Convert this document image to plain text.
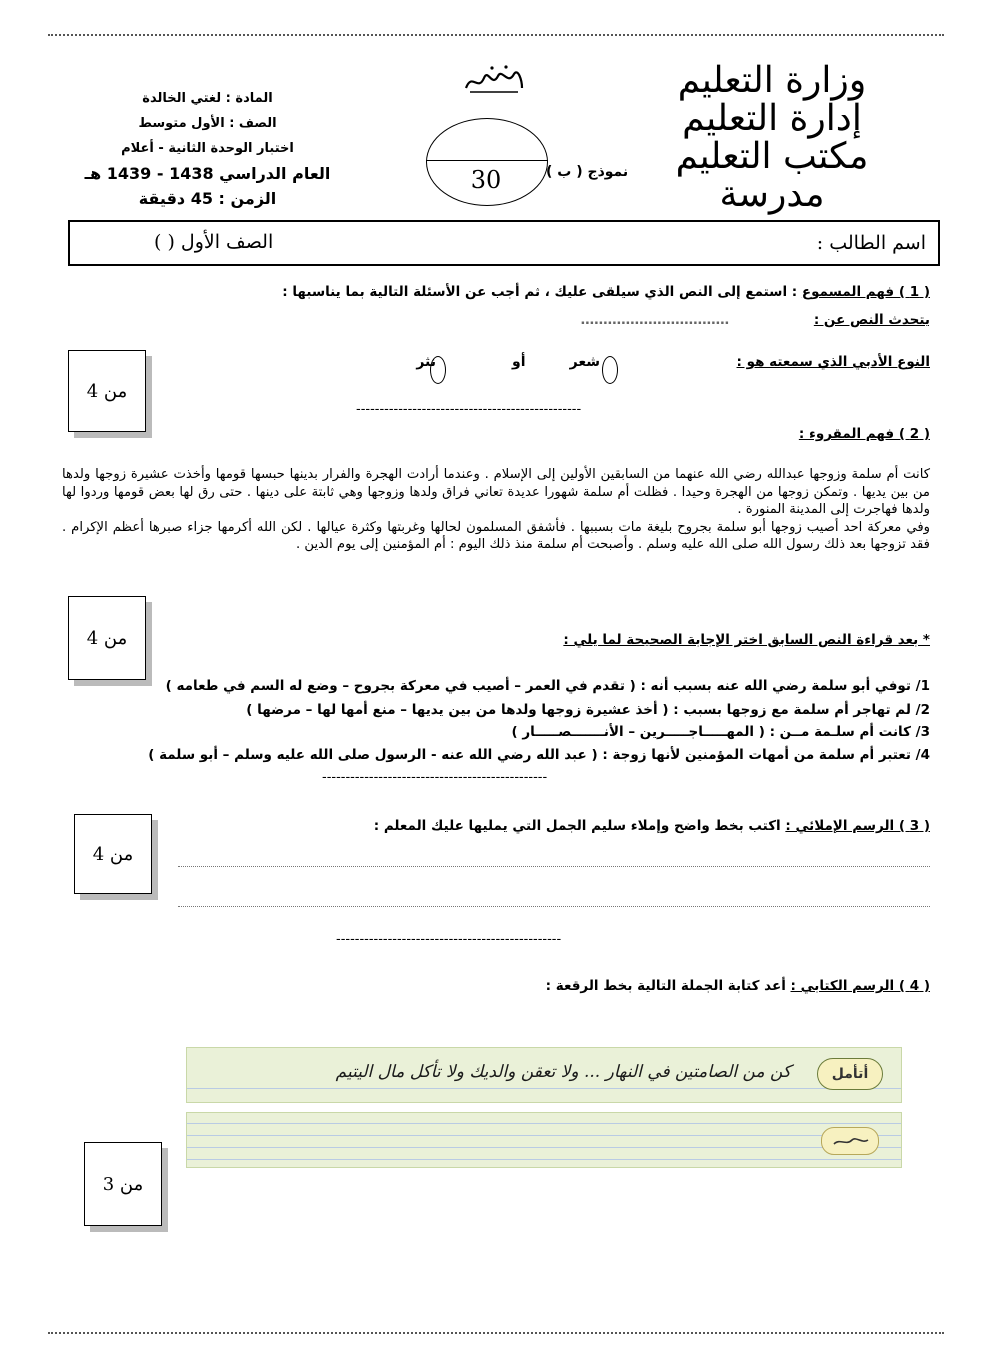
وزارة التعليم
إدارة التعليم
مكتب التعليم
مدرسة
30	نموذج ( ب )
المادة : لغتي الخالدة
الصف : الأول متوسط
اختبار الوحدة الثانية - أعلام
العام الدراسي 1438 - 1439 هـ
الزمن : 45 دقيقة
اسم الطالب :
الصف الأول ( )
( 1 ) فهم المسموع : استمع إلى النص الذي سيلقى عليك ، ثم أجب عن الأسئلة التالية بما يناسبها :
يتحدث النص عن : ……………………………
النوع الأدبي الذي سمعته هو :
شعر
أو
نثر
من 4
------------------------------------------------
( 2 ) فهم المقروء :

كانت أم سلمة وزوجها عبدالله رضي الله عنهما من السابقين الأولين إلى الإسلام . وعندما أرادت الهجرة والفرار بدينها حبسها قومها وأخذت عشيرة زوجها ولدها من بين يديها . وتمكن زوجها من الهجرة وحيدا . فظلت أم سلمة شهورا عديدة تعاني فراق ولدها وزوجها وهي ثابتة على دينها . حتى رق لها بعض قومها وردوا لها ولدها فهاجرت إلى المدينة المنورة .

وفي معركة احد أصيب زوجها أبو سلمة بجروح بليغة مات بسببها . فأشفق المسلمون لحالها وغربتها وكثرة عيالها . لكن الله أكرمها جزاء صبرها أعظم الإكرام . فقد تزوجها بعد ذلك رسول الله صلى الله عليه وسلم . وأصبحت أم سلمة منذ ذلك اليوم : أم المؤمنين إلى يوم الدين .

من 4	* بعد قراءة النص السابق اختر الإجابة الصحيحة لما يلي :
1/ توفي أبو سلمة رضي الله عنه بسبب أنه : ( تقدم في العمر – أصيب في معركة بجروح – وضع له السم في طعامه )
2/ لم تهاجر أم سلمة مع زوجها بسبب : ( أخذ عشيرة زوجها ولدها من بين يديها – منع أمها لها – مرضها )
3/ كانت أم سلـمة مــن : ( المهـــــاجـــــرين – الأنـــــــصـــــار )
4/ تعتبر أم سلمة من أمهات المؤمنين لأنها زوجة : ( عبد الله رضي الله عنه - الرسول صلى الله عليه وسلم – أبو سلمة )
------------------------------------------------
( 3 ) الرسم الإملائي : اكتب بخط واضح وإملاء سليم الجمل التي يمليها عليك المعلم :
من 4
------------------------------------------------
( 4 ) الرسم الكتابي : أعد كتابة الجملة التالية بخط الرقعة :
أتأمل
كن من الصامتين في النهار ... ولا تعقن والديك ولا تأكل مال اليتيم
من 3
